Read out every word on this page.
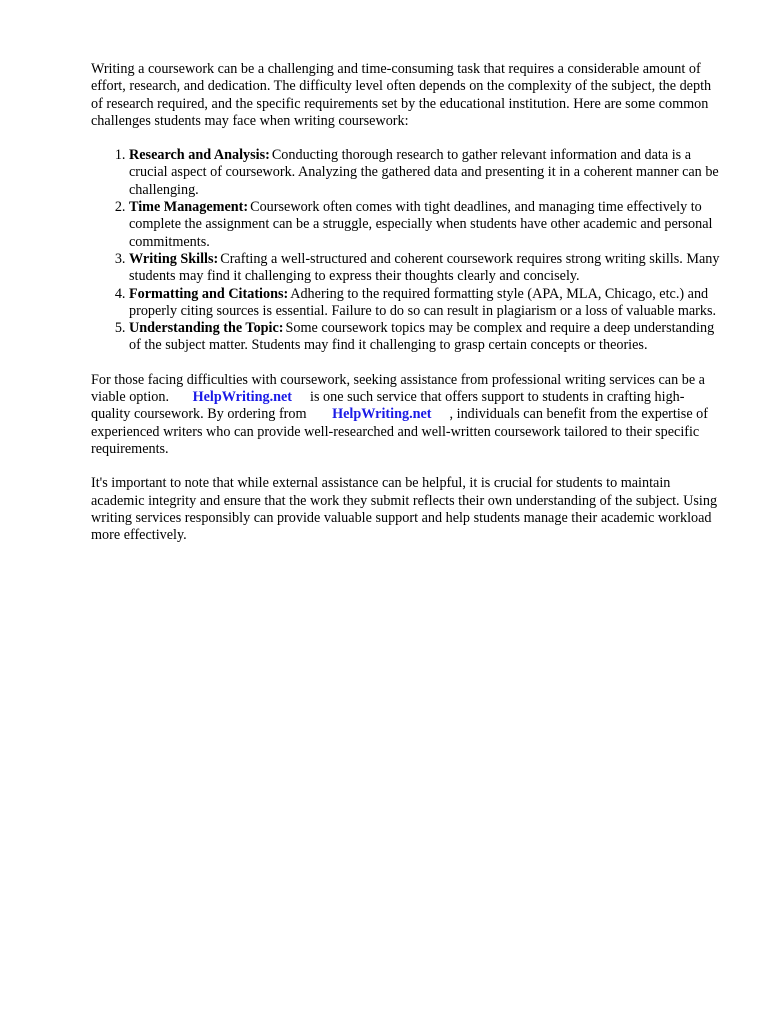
Writing a coursework can be a challenging and time-consuming task that requires a considerable amount of effort, research, and dedication. The difficulty level often depends on the complexity of the subject, the depth of research required, and the specific requirements set by the educational institution. Here are some common challenges students may face when writing coursework:

1. Research and Analysis: Conducting thorough research to gather relevant information and data is a crucial aspect of coursework. Analyzing the gathered data and presenting it in a coherent manner can be challenging.
2. Time Management: Coursework often comes with tight deadlines, and managing time effectively to complete the assignment can be a struggle, especially when students have other academic and personal commitments.
3. Writing Skills: Crafting a well-structured and coherent coursework requires strong writing skills. Many students may find it challenging to express their thoughts clearly and concisely.
4. Formatting and Citations: Adhering to the required formatting style (APA, MLA, Chicago, etc.) and properly citing sources is essential. Failure to do so can result in plagiarism or a loss of valuable marks.
5. Understanding the Topic: Some coursework topics may be complex and require a deep understanding of the subject matter. Students may find it challenging to grasp certain concepts or theories.

For those facing difficulties with coursework, seeking assistance from professional writing services can be a viable option. HelpWriting.net is one such service that offers support to students in crafting high-quality coursework. By ordering from HelpWriting.net , individuals can benefit from the expertise of experienced writers who can provide well-researched and well-written coursework tailored to their specific requirements.

It's important to note that while external assistance can be helpful, it is crucial for students to maintain academic integrity and ensure that the work they submit reflects their own understanding of the subject. Using writing services responsibly can provide valuable support and help students manage their academic workload more effectively.
